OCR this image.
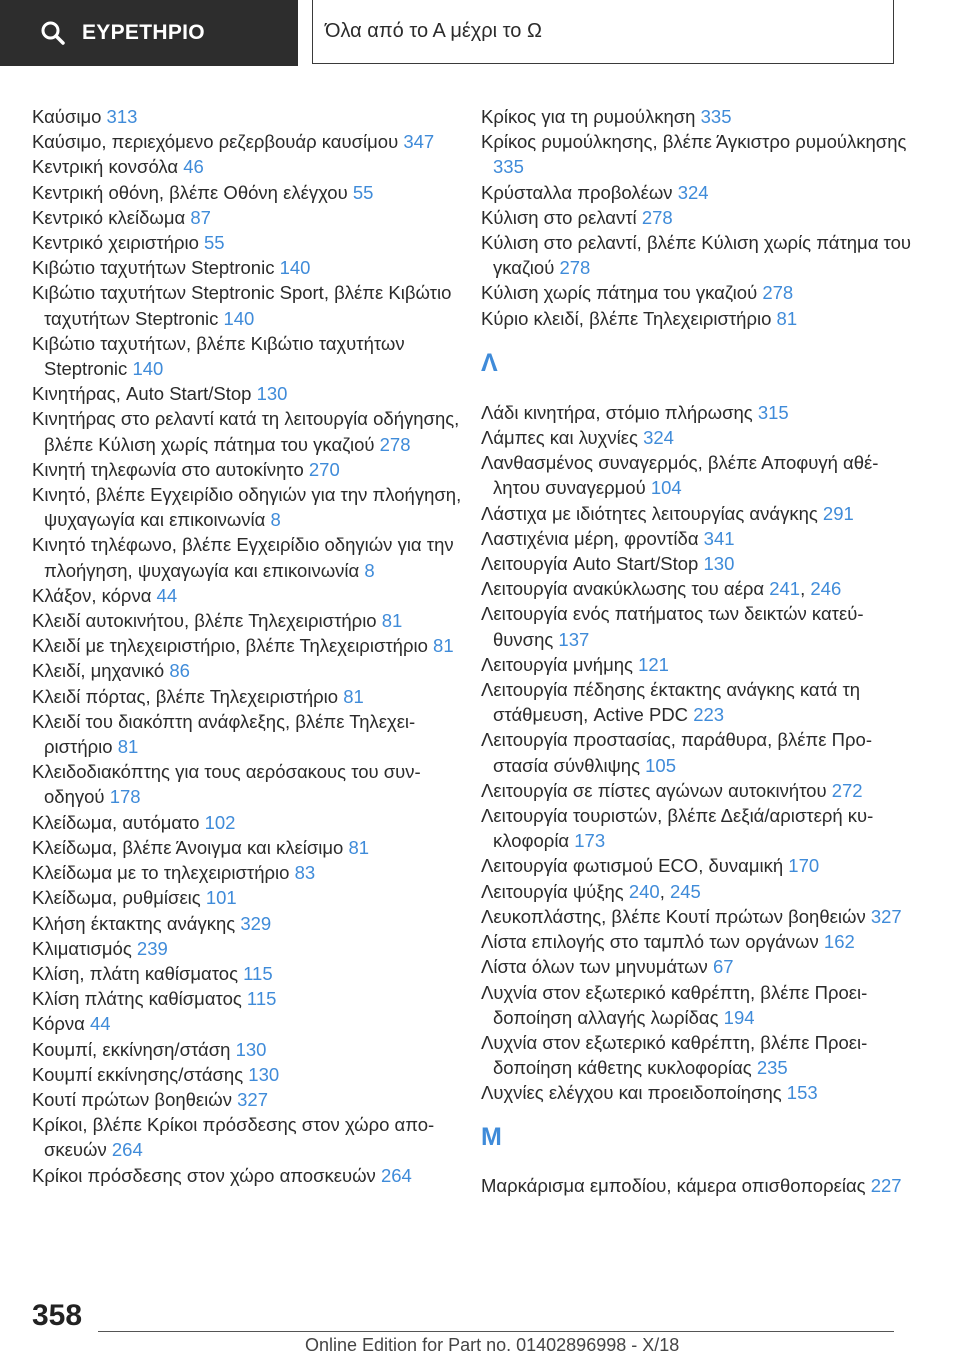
ΕΥΡΕΤΗΡΙΟ	Όλα από το Α μέχρι το Ω

Καύσιμο 313

Καύσιμο, περιεχόμενο ρεζερβουάρ καυσίμου 347

Κεντρική κονσόλα 46

Κεντρική οθόνη, βλέπε Οθόνη ελέγχου 55

Κεντρικό κλείδωμα 87

Κεντρικό χειριστήριο 55

Κιβώτιο ταχυτήτων Steptronic 140

Κιβώτιο ταχυτήτων Steptronic Sport, βλέπε Κιβώτιο ταχυτήτων Steptronic 140

Κιβώτιο ταχυτήτων, βλέπε Κιβώτιο ταχυτήτων Steptronic 140

Κινητήρας, Auto Start/Stop 130

Κινητήρας στο ρελαντί κατά τη λειτουργία οδήγησης, βλέπε Κύλιση χωρίς πάτημα του γκαζιού 278

Κινητή τηλεφωνία στο αυτοκίνητο 270

Κινητό, βλέπε Εγχειρίδιο οδηγιών για την πλοήγηση, ψυχαγωγία και επικοινωνία 8

Κινητό τηλέφωνο, βλέπε Εγχειρίδιο οδηγιών για την πλοήγηση, ψυχαγωγία και επικοινωνία 8

Κλάξον, κόρνα 44

Κλειδί αυτοκινήτου, βλέπε Τηλεχειριστήριο 81

Κλειδί με τηλεχειριστήριο, βλέπε Τηλεχειριστήριο 81

Κλειδί, μηχανικό 86

Κλειδί πόρτας, βλέπε Τηλεχειριστήριο 81

Κλειδί του διακόπτη ανάφλεξης, βλέπε Τηλεχειριστήριο 81

Κλειδοδιακόπτης για τους αερόσακους του συνοδηγού 178

Κλείδωμα, αυτόματο 102

Κλείδωμα, βλέπε Άνοιγμα και κλείσιμο 81

Κλείδωμα με το τηλεχειριστήριο 83

Κλείδωμα, ρυθμίσεις 101

Κλήση έκτακτης ανάγκης 329

Κλιματισμός 239

Κλίση, πλάτη καθίσματος 115

Κλίση πλάτης καθίσματος 115

Κόρνα 44

Κουμπί, εκκίνηση/στάση 130

Κουμπί εκκίνησης/στάσης 130

Κουτί πρώτων βοηθειών 327

Κρίκοι, βλέπε Κρίκοι πρόσδεσης στον χώρο αποσκευών 264

Κρίκοι πρόσδεσης στον χώρο αποσκευών 264

Κρίκος για τη ρυμούλκηση 335

Κρίκος ρυμούλκησης, βλέπε Άγκιστρο ρυμούλκησης 335

Κρύσταλλα προβολέων 324

Κύλιση στο ρελαντί 278

Κύλιση στο ρελαντί, βλέπε Κύλιση χωρίς πάτημα του γκαζιού 278

Κύλιση χωρίς πάτημα του γκαζιού 278

Κύριο κλειδί, βλέπε Τηλεχειριστήριο 81

Λ

Λάδι κινητήρα, στόμιο πλήρωσης 315

Λάμπες και λυχνίες 324

Λανθασμένος συναγερμός, βλέπε Αποφυγή αθέλητου συναγερμού 104

Λάστιχα με ιδιότητες λειτουργίας ανάγκης 291

Λαστιχένια μέρη, φροντίδα 341

Λειτουργία Auto Start/Stop 130

Λειτουργία ανακύκλωσης του αέρα 241, 246

Λειτουργία ενός πατήματος των δεικτών κατεύθυνσης 137

Λειτουργία μνήμης 121

Λειτουργία πέδησης έκτακτης ανάγκης κατά τη στάθμευση, Active PDC 223

Λειτουργία προστασίας, παράθυρα, βλέπε Προστασία σύνθλιψης 105

Λειτουργία σε πίστες αγώνων αυτοκινήτου 272

Λειτουργία τουριστών, βλέπε Δεξιά/αριστερή κυκλοφορία 173

Λειτουργία φωτισμού ECO, δυναμική 170

Λειτουργία ψύξης 240, 245

Λευκοπλάστης, βλέπε Κουτί πρώτων βοηθειών 327

Λίστα επιλογής στο ταμπλό των οργάνων 162

Λίστα όλων των μηνυμάτων 67

Λυχνία στον εξωτερικό καθρέπτη, βλέπε Προειδοποίηση αλλαγής λωρίδας 194

Λυχνία στον εξωτερικό καθρέπτη, βλέπε Προειδοποίηση κάθετης κυκλοφορίας 235

Λυχνίες ελέγχου και προειδοποίησης 153

Μ

Μαρκάρισμα εμποδίου, κάμερα οπισθοπορείας 227

358
Online Edition for Part no. 01402896998 - X/18
